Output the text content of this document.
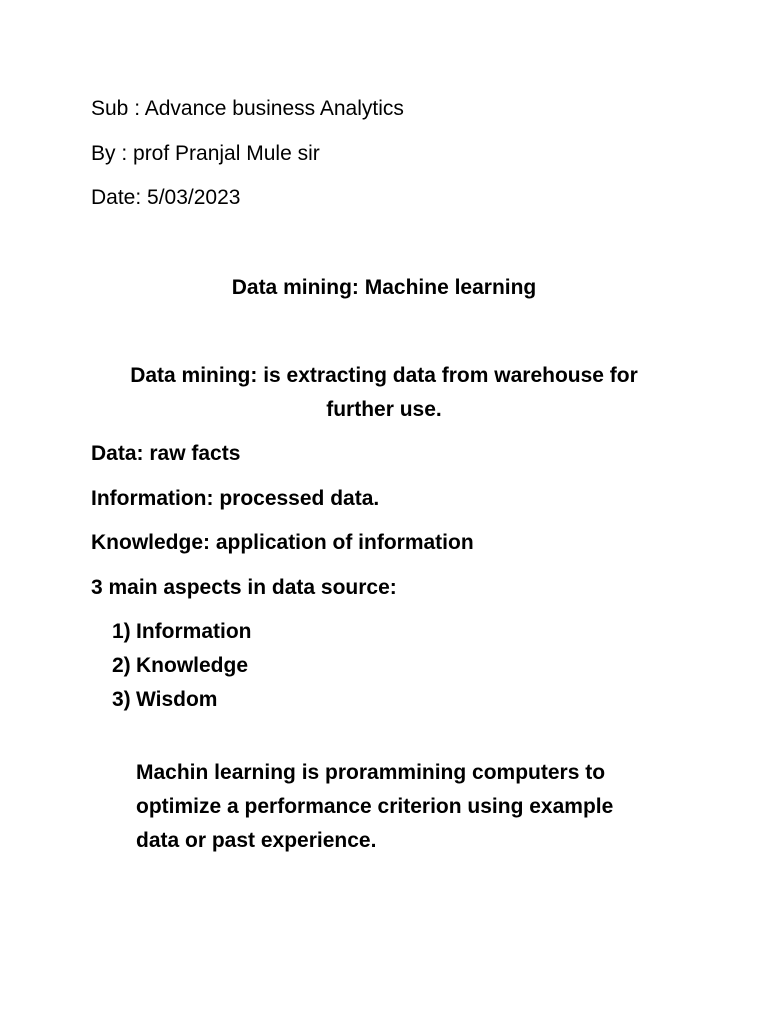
Sub : Advance business Analytics
By : prof Pranjal Mule sir
Date: 5/03/2023
Data mining: Machine learning
Data mining: is extracting data from warehouse for
further use.
Data: raw facts
Information: processed data.
Knowledge: application of information
3 main aspects in data source:
1) Information
2) Knowledge
3) Wisdom
Machin learning is prorammining computers to
optimize a performance criterion using example
data or past experience.
